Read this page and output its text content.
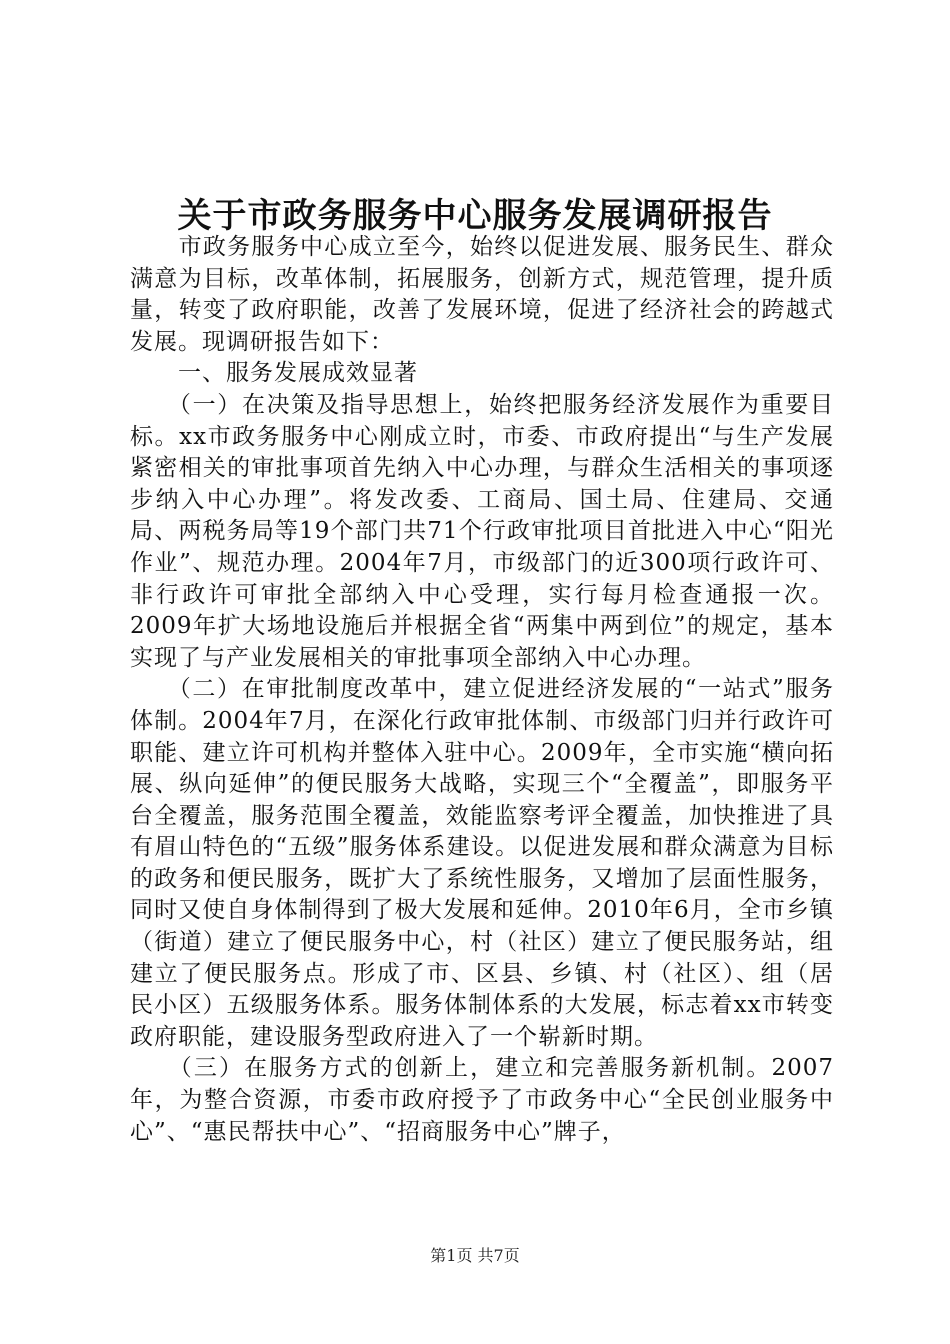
关于市政务服务中心服务发展调研报告

　　市政务服务中心成立至今，始终以促进发展、服务民生、群众满意为目标，改革体制，拓展服务，创新方式，规范管理，提升质量，转变了政府职能，改善了发展环境，促进了经济社会的跨越式发展。现调研报告如下：

　　一、服务发展成效显著

　　（一）在决策及指导思想上，始终把服务经济发展作为重要目标。xx市政务服务中心刚成立时，市委、市政府提出“与生产发展紧密相关的审批事项首先纳入中心办理，与群众生活相关的事项逐步纳入中心办理”。将发改委、工商局、国土局、住建局、交通局、两税务局等19个部门共71个行政审批项目首批进入中心“阳光作业”、规范办理。2004年7月，市级部门的近300项行政许可、非行政许可审批全部纳入中心受理，实行每月检查通报一次。2009年扩大场地设施后并根据全省“两集中两到位”的规定，基本实现了与产业发展相关的审批事项全部纳入中心办理。

　　（二）在审批制度改革中，建立促进经济发展的“一站式”服务体制。2004年7月，在深化行政审批体制、市级部门归并行政许可职能、建立许可机构并整体入驻中心。2009年，全市实施“横向拓展、纵向延伸”的便民服务大战略，实现三个“全覆盖”，即服务平台全覆盖，服务范围全覆盖，效能监察考评全覆盖，加快推进了具有眉山特色的“五级”服务体系建设。以促进发展和群众满意为目标的政务和便民服务，既扩大了系统性服务，又增加了层面性服务，同时又使自身体制得到了极大发展和延伸。2010年6月，全市乡镇（街道）建立了便民服务中心，村（社区）建立了便民服务站，组建立了便民服务点。形成了市、区县、乡镇、村（社区）、组（居民小区）五级服务体系。服务体制体系的大发展，标志着xx市转变政府职能，建设服务型政府进入了一个崭新时期。

　　（三）在服务方式的创新上，建立和完善服务新机制。2007年，为整合资源，市委市政府授予了市政务中心“全民创业服务中心”、“惠民帮扶中心”、“招商服务中心”牌子，

第1页 共7页
